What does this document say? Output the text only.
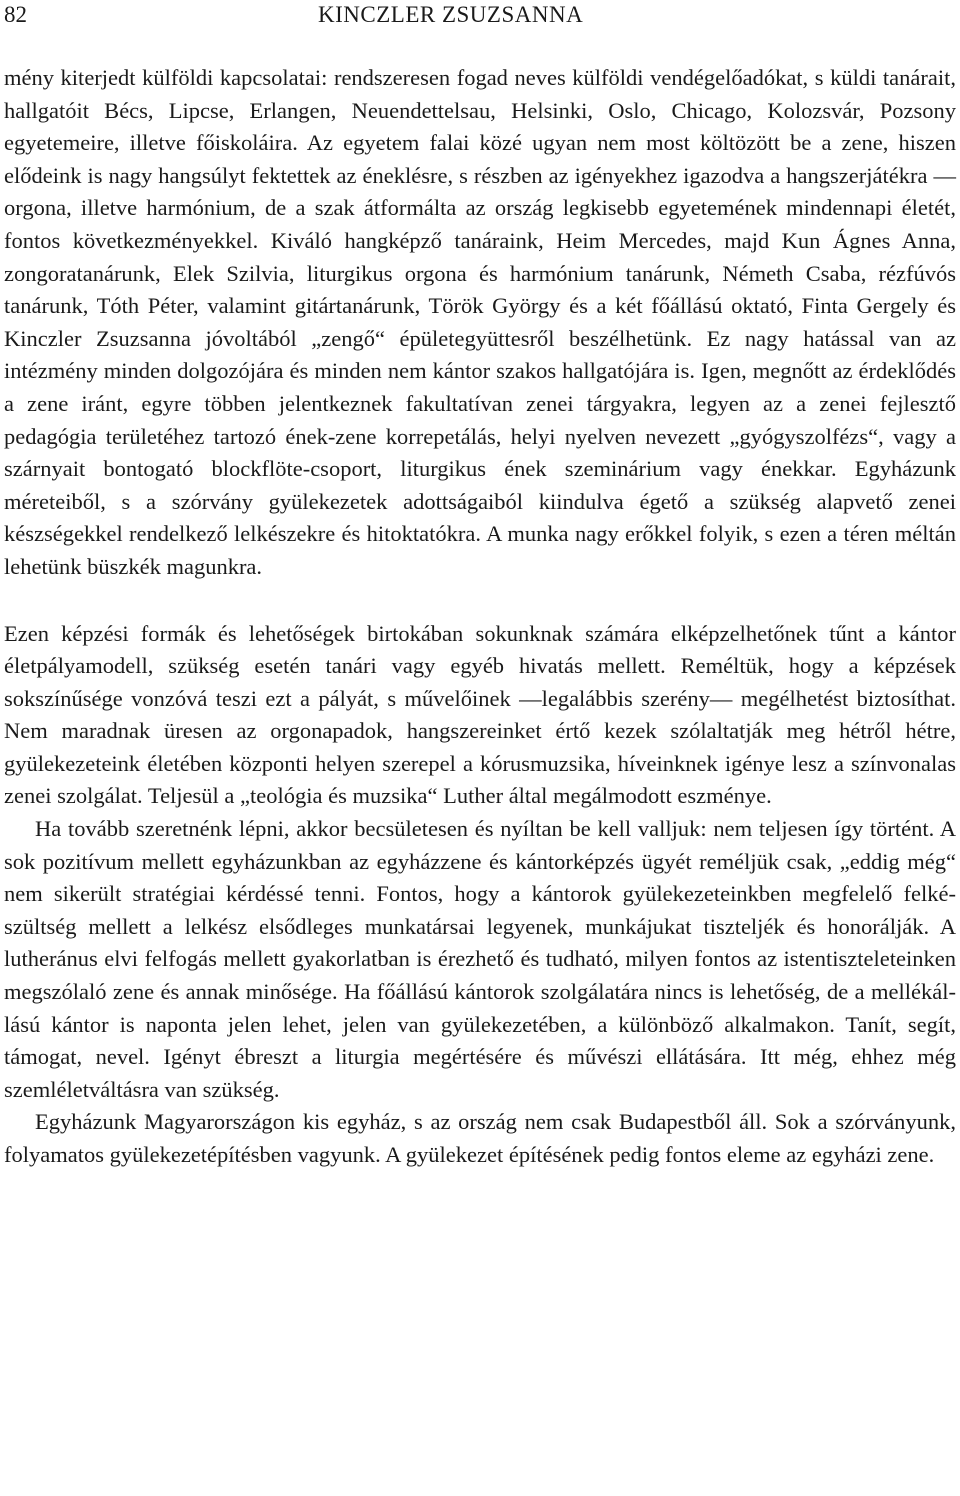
82	KINCZLER ZSUZSANNA

mény kiterjedt külföldi kapcsolatai: rendszeresen fogad neves külföldi vendégelőadókat, s küldi tanárait, hallgatóit Bécs, Lipcse, Erlangen, Neuendettelsau, Helsinki, Oslo, Chicago, Kolozsvár, Pozsony egyetemeire, illetve főiskoláira. Az egyetem falai közé ugyan nem most költözött be a zene, hiszen elődeink is nagy hangsúlyt fektettek az éneklésre, s részben az igényekhez igazodva a hangszerjátékra — orgona, illetve harmónium, de a szak átformálta az ország legkisebb egyetemének mindennapi életét, fontos következményekkel. Kiváló hangképző tanáraink, Heim Mercedes, majd Kun Ágnes Anna, zongoratanárunk, Elek Szilvia, liturgikus orgona és harmónium tanárunk, Németh Csaba, rézfúvós tanárunk, Tóth Péter, valamint gitártanárunk, Török György és a két főállású oktató, Finta Gergely és Kinczler Zsuzsanna jóvoltából „zengő“ épületegyüttesről beszélhetünk. Ez nagy hatással van az intézmény minden dolgozójára és minden nem kántor szakos hallgatójára is. Igen, megnőtt az érdeklődés a zene iránt, egyre többen jelentkeznek fakultatívan zenei tárgyakra, legyen az a zenei fejlesztő pedagógia területéhez tartozó ének-zene korrepetálás, helyi nyelven nevezett „gyógyszolfézs“, vagy a szárnyait bontogató blockflöte-csoport, liturgikus ének szeminárium vagy énekkar. Egyházunk méreteiből, s a szórvány gyülekezetek adottságaiból kiindulva égető a szükség alapvető zenei készségekkel rendelkező lelkészekre és hitoktatókra. A munka nagy erőkkel folyik, s ezen a téren méltán lehetünk büszkék magunkra.

Ezen képzési formák és lehetőségek birtokában sokunknak számára elképzelhetőnek tűnt a kántor életpályamodell, szükség esetén tanári vagy egyéb hivatás mellett. Reméltük, hogy a képzések sokszínűsége vonzóvá teszi ezt a pályát, s művelőinek —legalábbis szerény— megélhetést biztosíthat. Nem maradnak üresen az orgonapadok, hangszereinket értő kezek szólaltatják meg hétről hétre, gyülekezeteink életében központi helyen szerepel a kórusmuzsika, híveinknek igénye lesz a színvonalas zenei szolgálat. Teljesül a „teológia és muzsika“ Luther által megálmodott eszménye.

Ha tovább szeretnénk lépni, akkor becsületesen és nyíltan be kell valljuk: nem teljesen így történt. A sok pozitívum mellett egyházunkban az egyházzene és kántorképzés ügyét reméljük csak, „eddig még“ nem sikerült stratégiai kérdéssé tenni. Fontos, hogy a kántorok gyülekezeteinkben megfelelő felkészültség mellett a lelkész elsődleges munkatársai legyenek, munkájukat tiszteljék és honorálják. A lutheránus elvi felfogás mellett gyakorlatban is érezhető és tudható, milyen fontos az istentiszteleteinken megszólaló zene és annak minősége. Ha főállású kántorok szolgálatára nincs is lehetőség, de a mellékállású kántor is naponta jelen lehet, jelen van gyülekezetében, a különböző alkalmakon. Tanít, segít, támogat, nevel. Igényt ébreszt a liturgia megértésére és művészi ellátására. Itt még, ehhez még szemléletváltásra van szükség.

Egyházunk Magyarországon kis egyház, s az ország nem csak Budapestből áll. Sok a szórványunk, folyamatos gyülekezetépítésben vagyunk. A gyülekezet építésének pedig fontos eleme az egyházi zene.
